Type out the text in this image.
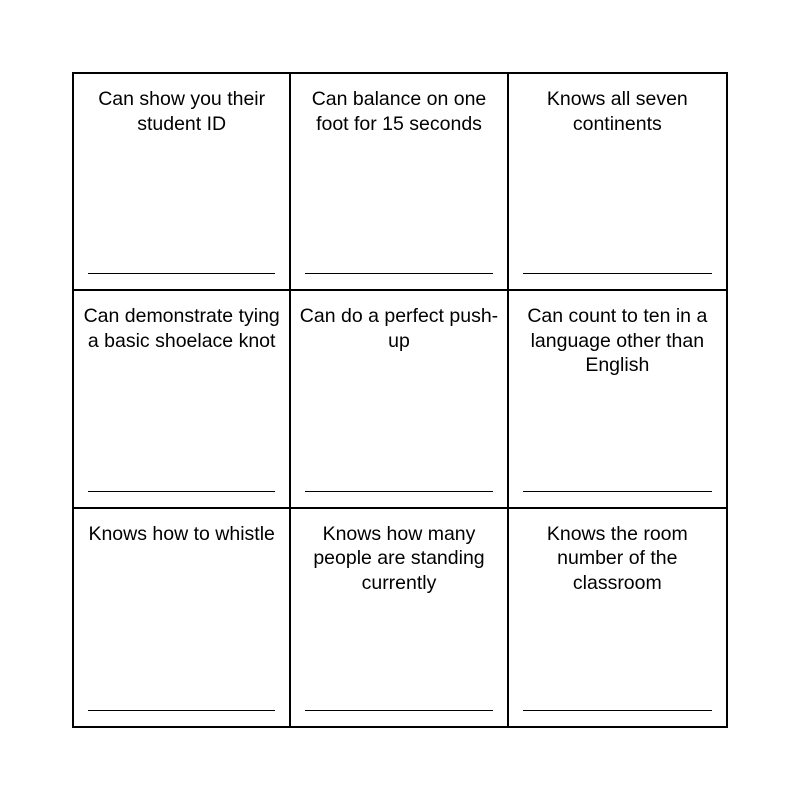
Can show you their student ID
Can balance on one foot for 15 seconds
Knows all seven continents
Can demonstrate tying a basic shoelace knot
Can do a perfect push-up
Can count to ten in a language other than English
Knows how to whistle	Knows how many people are standing currently
Knows the room number of the classroom
